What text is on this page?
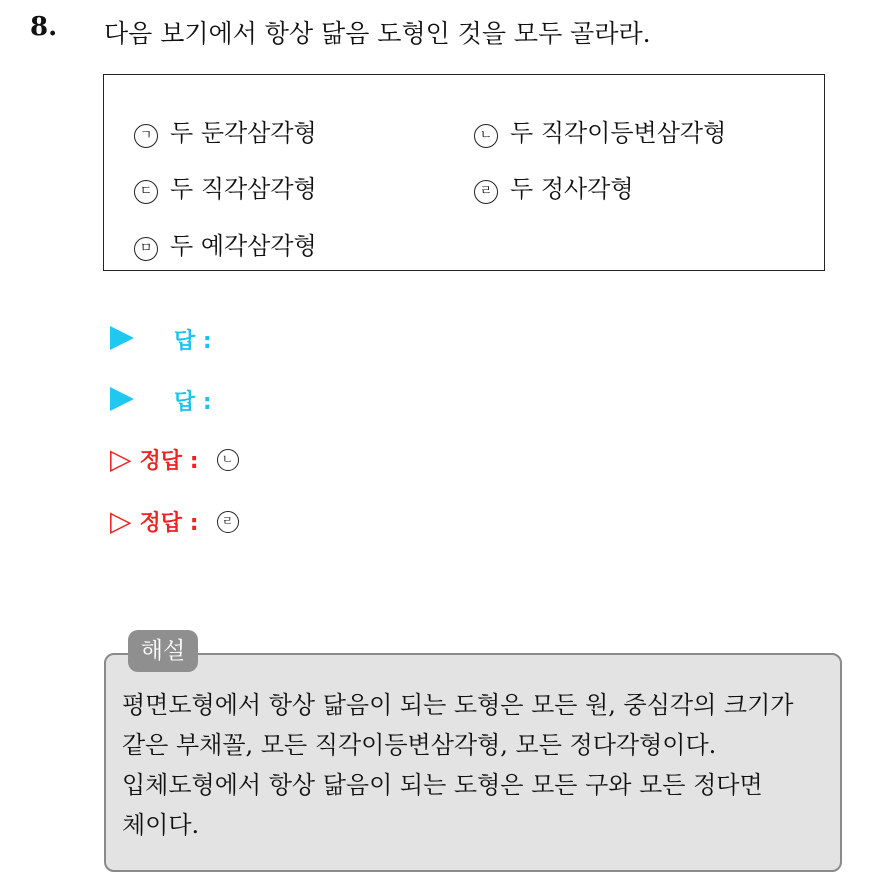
8. 다음 보기에서 항상 닮음 도형인 것을 모두 골라라.
ㄱ 두 둔각삼각형	ㄴ 두 직각이등변삼각형
ㄷ 두 직각삼각형	ㄹ 두 정사각형
ㅁ 두 예각삼각형
답 :
답 :
▷ 정답 : ㄴ
▷ 정답 : ㄹ
평면도형에서 항상 닮음이 되는 도형은 모든 원, 중심각의 크기가
같은 부채꼴, 모든 직각이등변삼각형, 모든 정다각형이다.
입체도형에서 항상 닮음이 되는 도형은 모든 구와 모든 정다면
체이다.
해설
